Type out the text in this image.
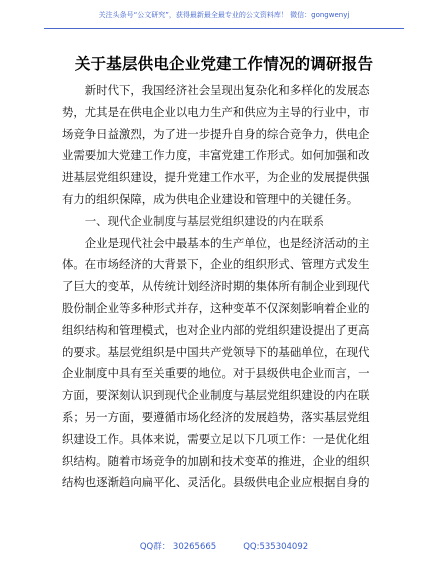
关注头条号“公文研究”，获得最新最全最专业的公文资料库！ 微信：gongwenyj
关于基层供电企业党建工作情况的调研报告
　　新时代下，我国经济社会呈现出复杂化和多样化的发展态
势，尤其是在供电企业以电力生产和供应为主导的行业中，市
场竞争日益激烈，为了进一步提升自身的综合竞争力，供电企
业需要加大党建工作力度，丰富党建工作形式。如何加强和改
进基层党组织建设，提升党建工作水平，为企业的发展提供强
有力的组织保障，成为供电企业建设和管理中的关键任务。
　　一、现代企业制度与基层党组织建设的内在联系
　　企业是现代社会中最基本的生产单位，也是经济活动的主
体。在市场经济的大背景下，企业的组织形式、管理方式发生
了巨大的变革，从传统计划经济时期的集体所有制企业到现代
股份制企业等多种形式并存，这种变革不仅深刻影响着企业的
组织结构和管理模式，也对企业内部的党组织建设提出了更高
的要求。基层党组织是中国共产党领导下的基础单位，在现代
企业制度中具有至关重要的地位。对于县级供电企业而言，一
方面，要深刻认识到现代企业制度与基层党组织建设的内在联
系；另一方面，要遵循市场化经济的发展趋势，落实基层党组
织建设工作。具体来说，需要立足以下几项工作：一是优化组
织结构。随着市场竞争的加剧和技术变革的推进，企业的组织
结构也逐渐趋向扁平化、灵活化。县级供电企业应根据自身的
QQ群： 30265665	QQ:535304092
